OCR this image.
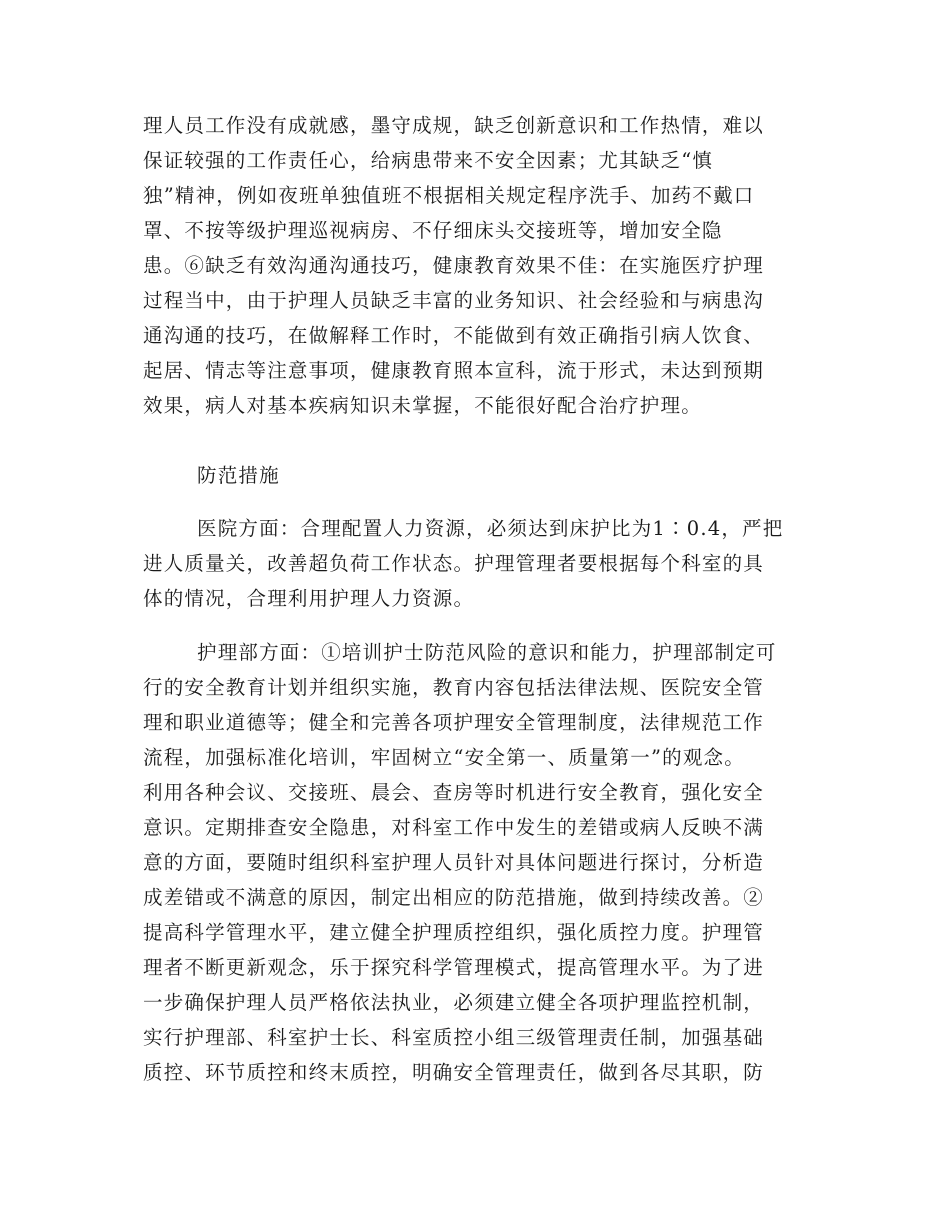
理人员工作没有成就感，墨守成规，缺乏创新意识和工作热情，难以
保证较强的工作责任心，给病患带来不安全因素；尤其缺乏“慎
独”精神，例如夜班单独值班不根据相关规定程序洗手、加药不戴口
罩、不按等级护理巡视病房、不仔细床头交接班等，增加安全隐
患。⑥缺乏有效沟通沟通技巧，健康教育效果不佳：在实施医疗护理
过程当中，由于护理人员缺乏丰富的业务知识、社会经验和与病患沟
通沟通的技巧，在做解释工作时，不能做到有效正确指引病人饮食、
起居、情志等注意事项，健康教育照本宣科，流于形式，未达到预期
效果，病人对基本疾病知识未掌握，不能很好配合治疗护理。
防范措施
医院方面：合理配置人力资源，必须达到床护比为1∶0.4，严把
进人质量关，改善超负荷工作状态。护理管理者要根据每个科室的具
体的情况，合理利用护理人力资源。
护理部方面：①培训护士防范风险的意识和能力，护理部制定可
行的安全教育计划并组织实施，教育内容包括法律法规、医院安全管
理和职业道德等；健全和完善各项护理安全管理制度，法律规范工作
流程，加强标准化培训，牢固树立“安全第一、质量第一”的观念。
利用各种会议、交接班、晨会、查房等时机进行安全教育，强化安全
意识。定期排查安全隐患，对科室工作中发生的差错或病人反映不满
意的方面，要随时组织科室护理人员针对具体问题进行探讨，分析造
成差错或不满意的原因，制定出相应的防范措施，做到持续改善。②
提高科学管理水平，建立健全护理质控组织，强化质控力度。护理管
理者不断更新观念，乐于探究科学管理模式，提高管理水平。为了进
一步确保护理人员严格依法执业，必须建立健全各项护理监控机制，
实行护理部、科室护士长、科室质控小组三级管理责任制，加强基础
质控、环节质控和终末质控，明确安全管理责任，做到各尽其职，防
